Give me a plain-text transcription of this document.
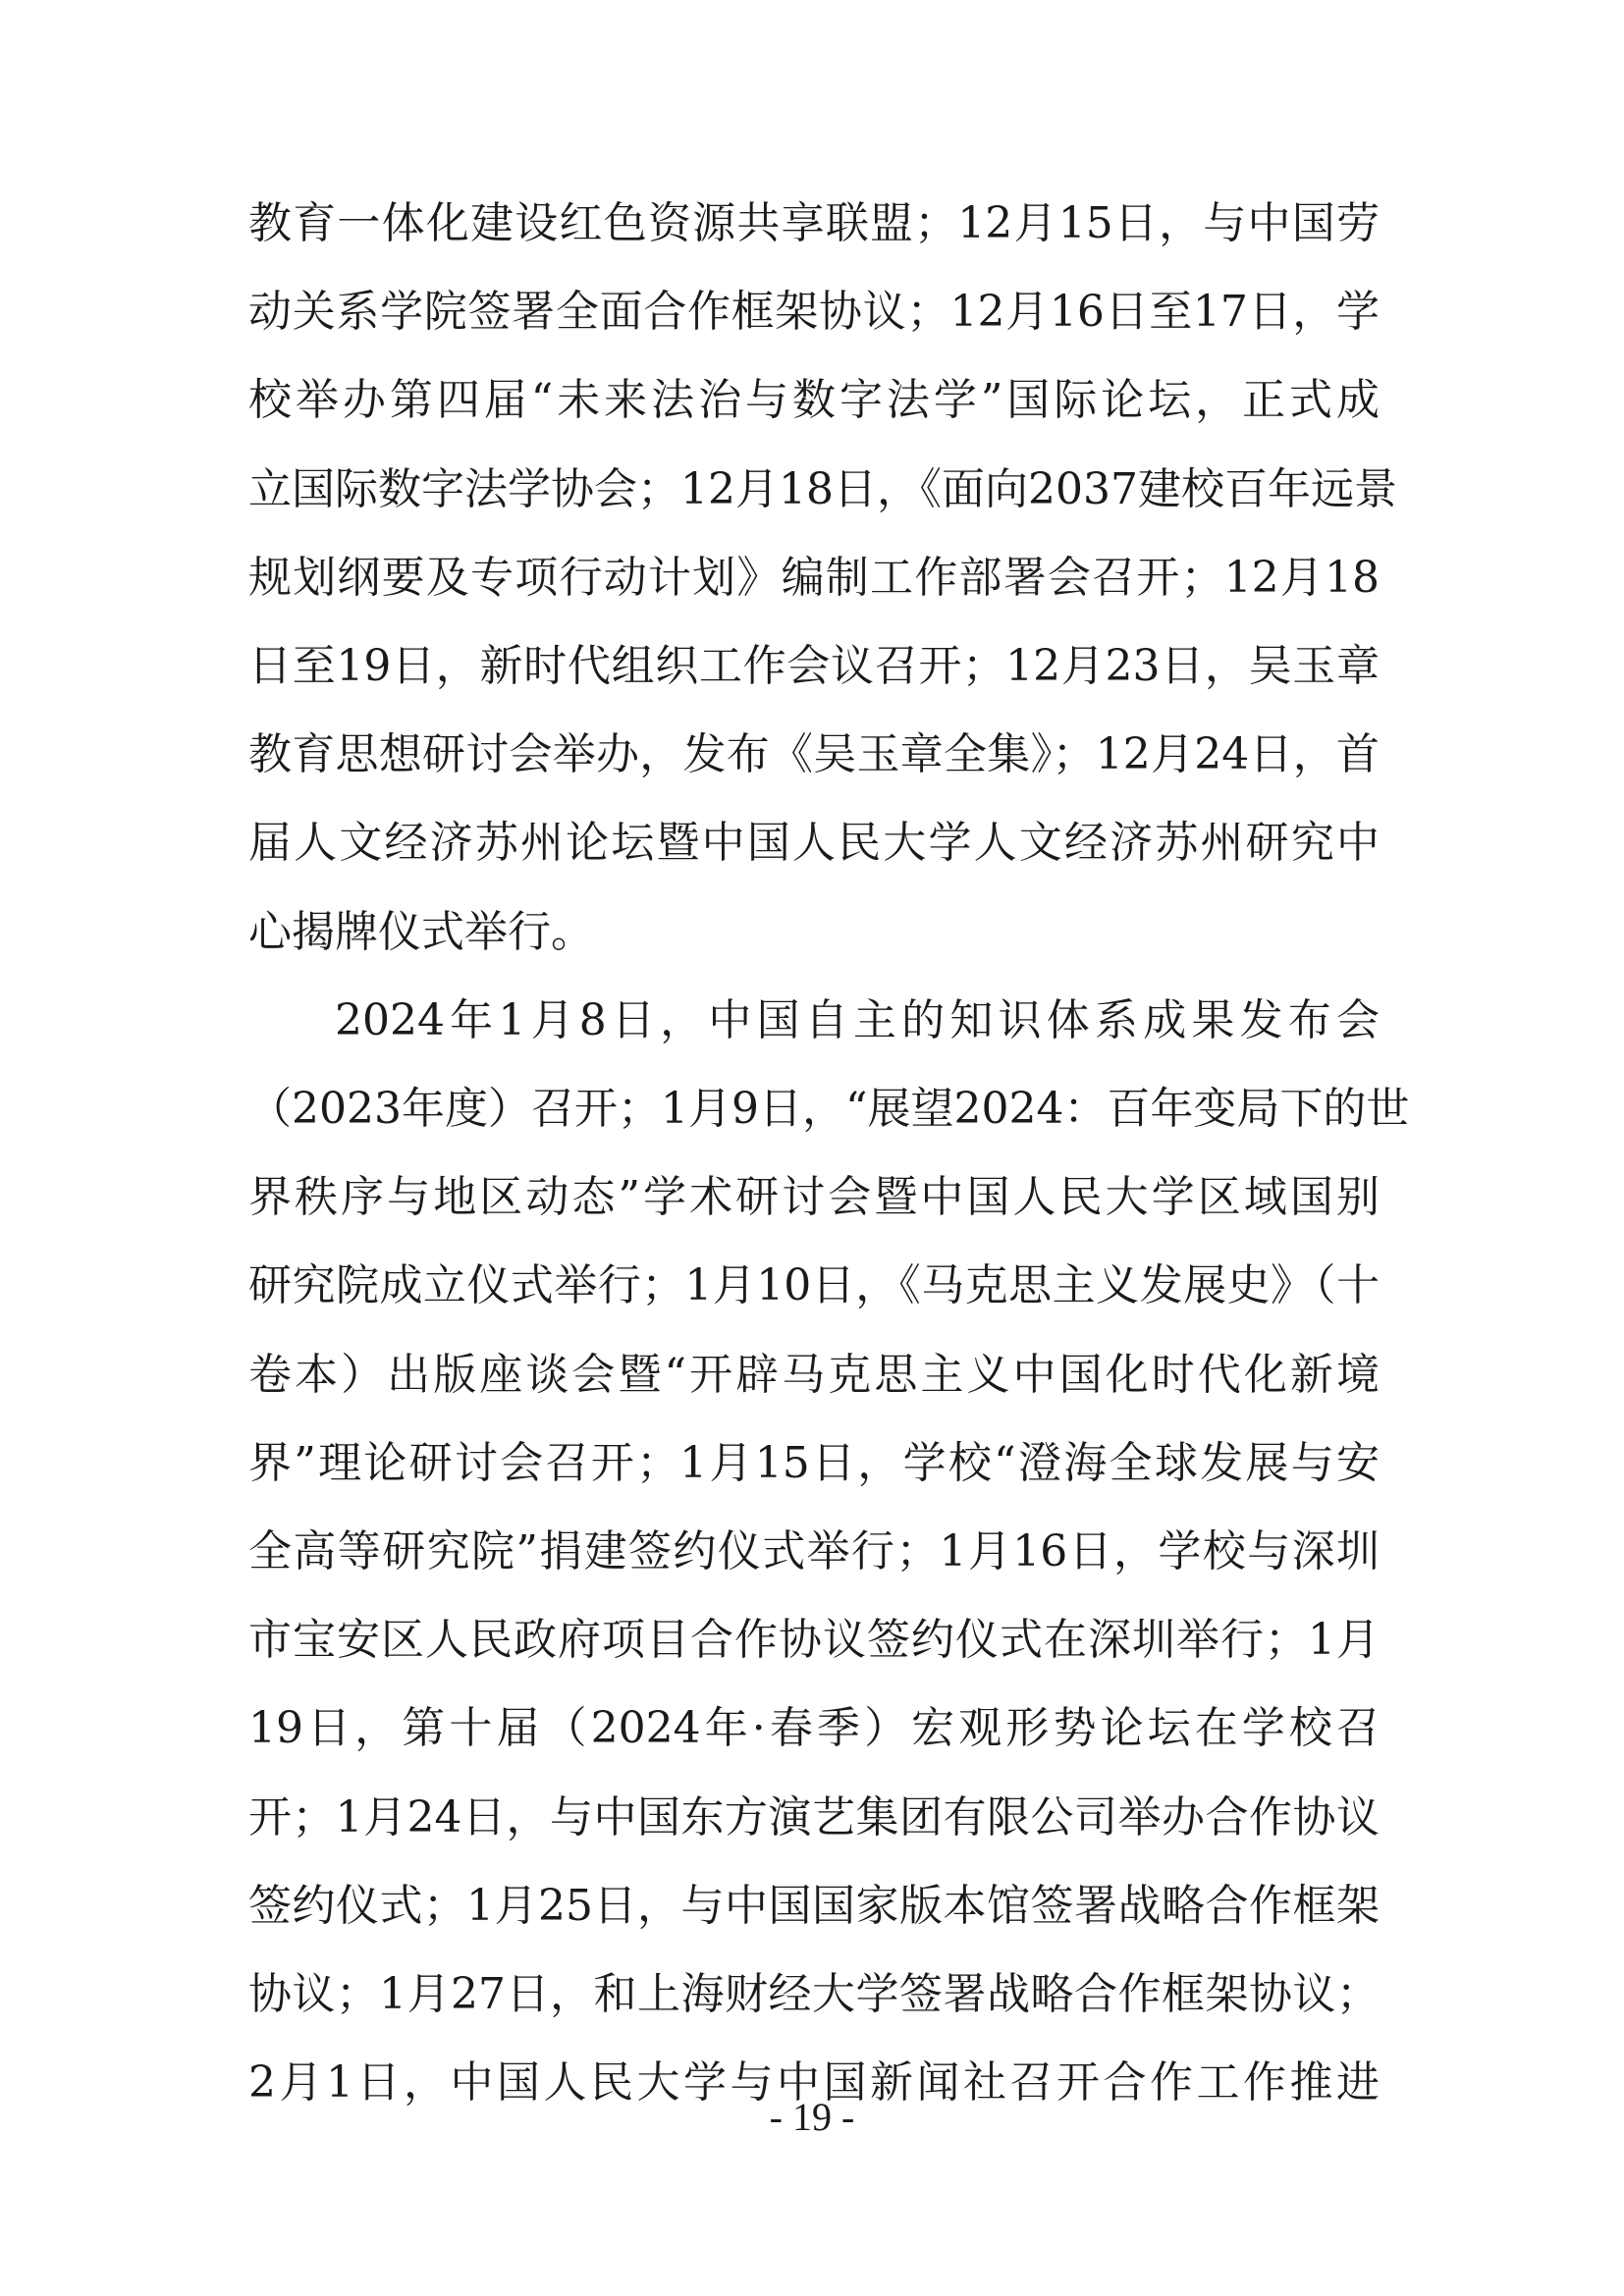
教育一体化建设红色资源共享联盟；12月15日，与中国劳
动关系学院签署全面合作框架协议；12月16日至17日，学
校举办第四届“未来法治与数字法学”国际论坛，正式成
立国际数字法学协会；12月18日，《面向2037建校百年远景
规划纲要及专项行动计划》编制工作部署会召开；12月18
日至19日，新时代组织工作会议召开；12月23日，吴玉章
教育思想研讨会举办，发布《吴玉章全集》；12月24日，首
届人文经济苏州论坛暨中国人民大学人文经济苏州研究中
心揭牌仪式举行。
2024年1月8日，中国自主的知识体系成果发布会
（2023年度）召开；1月9日，“展望2024：百年变局下的世
界秩序与地区动态”学术研讨会暨中国人民大学区域国别
研究院成立仪式举行；1月10日，《马克思主义发展史》（十
卷本）出版座谈会暨“开辟马克思主义中国化时代化新境
界”理论研讨会召开；1月15日，学校“澄海全球发展与安
全高等研究院”捐建签约仪式举行；1月16日，学校与深圳
市宝安区人民政府项目合作协议签约仪式在深圳举行；1月
19日，第十届（2024年·春季）宏观形势论坛在学校召
开；1月24日，与中国东方演艺集团有限公司举办合作协议
签约仪式；1月25日，与中国国家版本馆签署战略合作框架
协议；1月27日，和上海财经大学签署战略合作框架协议；
2月1日，中国人民大学与中国新闻社召开合作工作推进
- 19 -
